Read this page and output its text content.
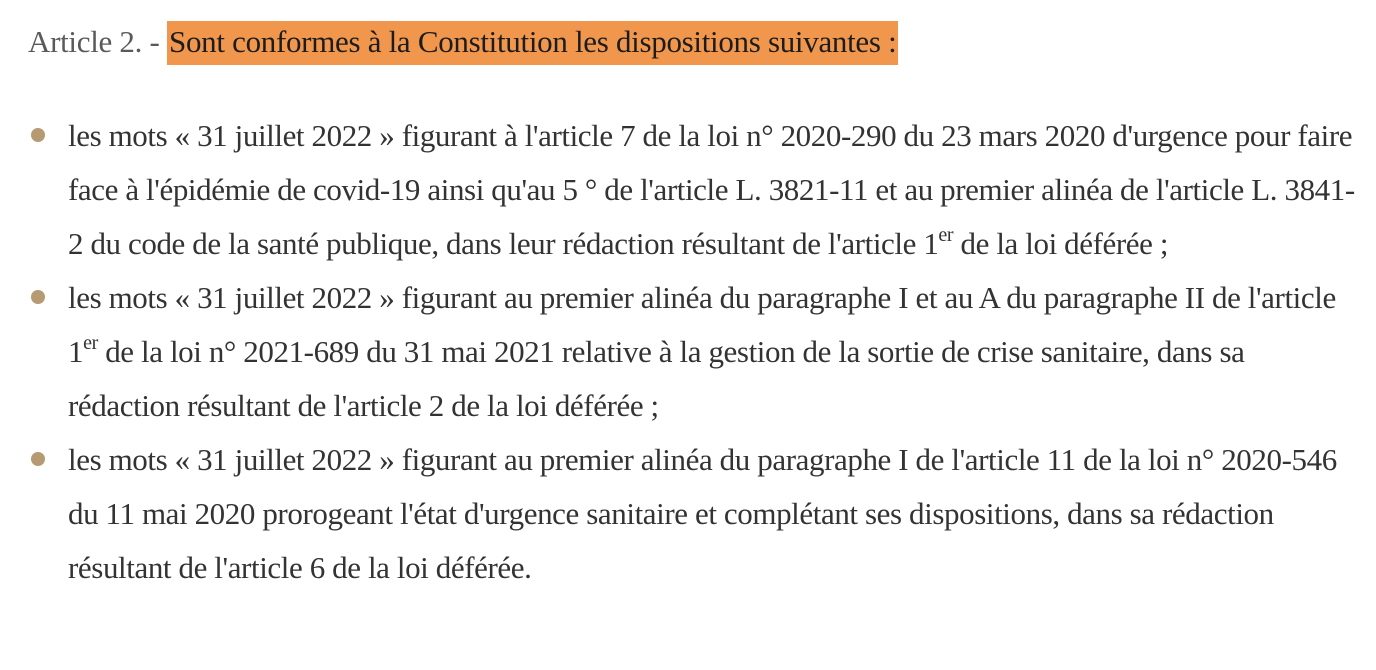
Article 2. - Sont conformes à la Constitution les dispositions suivantes :
les mots « 31 juillet 2022 » figurant à l'article 7 de la loi n° 2020-290 du 23 mars 2020 d'urgence pour faire face à l'épidémie de covid-19 ainsi qu'au 5 ° de l'article L. 3821-11 et au premier alinéa de l'article L. 3841-2 du code de la santé publique, dans leur rédaction résultant de l'article 1er de la loi déférée ;
les mots « 31 juillet 2022 » figurant au premier alinéa du paragraphe I et au A du paragraphe II de l'article 1er de la loi n° 2021-689 du 31 mai 2021 relative à la gestion de la sortie de crise sanitaire, dans sa rédaction résultant de l'article 2 de la loi déférée ;
les mots « 31 juillet 2022 » figurant au premier alinéa du paragraphe I de l'article 11 de la loi n° 2020-546 du 11 mai 2020 prorogeant l'état d'urgence sanitaire et complétant ses dispositions, dans sa rédaction résultant de l'article 6 de la loi déférée.
